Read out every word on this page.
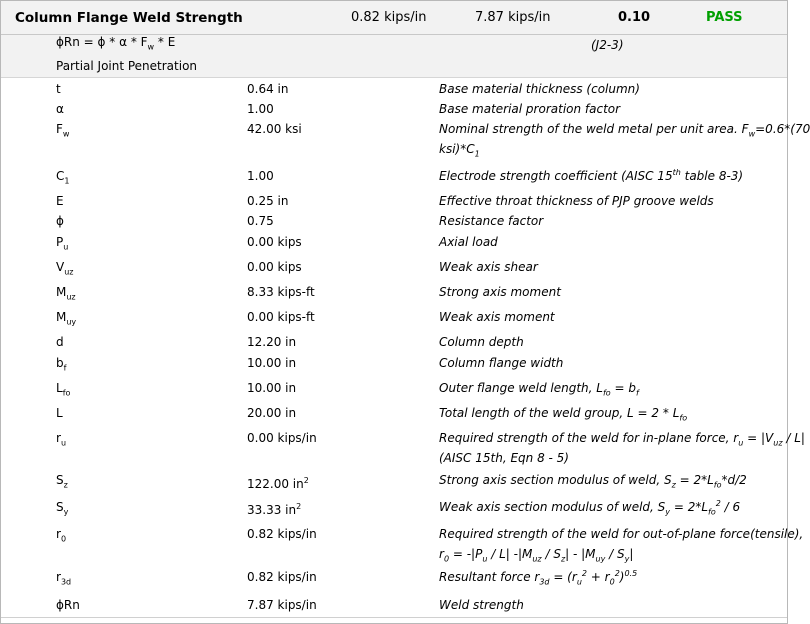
Column Flange Weld Strength	0.82 kips/in	7.87 kips/in	0.10	PASS
$\phi Rn = \phi * \alpha * F_w * E$	(J2-3)
Partial Joint Penetration
t	0.64 in	Base material thickness (column)
α	1.00	Base material proration factor
$F_w$	42.00 ksi	Nominal strength of the weld metal per unit area. $F_w=0.6*(70$
$ksi)*C_1$
$C_1$	1.00	Electrode strength coefficient (AISC 15th table 8-3)
E	0.25 in	Effective throat thickness of PJP groove welds
ϕ	0.75	Resistance factor
$P_u$	0.00 kips	Axial load
$V_{uz}$	0.00 kips	Weak axis shear
$M_{uz}$	8.33 kips-ft	Strong axis moment
$M_{uy}$	0.00 kips-ft	Weak axis moment
d	12.20 in	Column depth
$b_f$	10.00 in	Column flange width
$L_{fo}$	10.00 in	Outer flange weld length, $L_{fo} = b_f$
L	20.00 in	Total length of the weld group, $L = 2 * L_{fo}$
$r_u$	0.00 kips/in	Required strength of the weld for in-plane force, $r_u = |V_{uz} / L|$
(AISC 15th, Eqn 8 - 5)
$S_z$	122.00 $in^2$	Strong axis section modulus of weld, $S_z = 2*L_{fo}*d/2$
$S_y$	33.33 $in^2$	Weak axis section modulus of weld, $S_y = 2*L_{fo}^2 / 6$
$r_0$	0.82 kips/in	Required strength of the weld for out-of-plane force(tensile),
$r_0 = -|P_u / L|$ $-|M_{uz} / S_z| - |M_{uy} / S_y|$
$r_{3d}$	0.82 kips/in	Resultant force $r_{3d} = (r_u^2 + r_0^2)^{0.5}$
ϕRn	7.87 kips/in	Weld strength
